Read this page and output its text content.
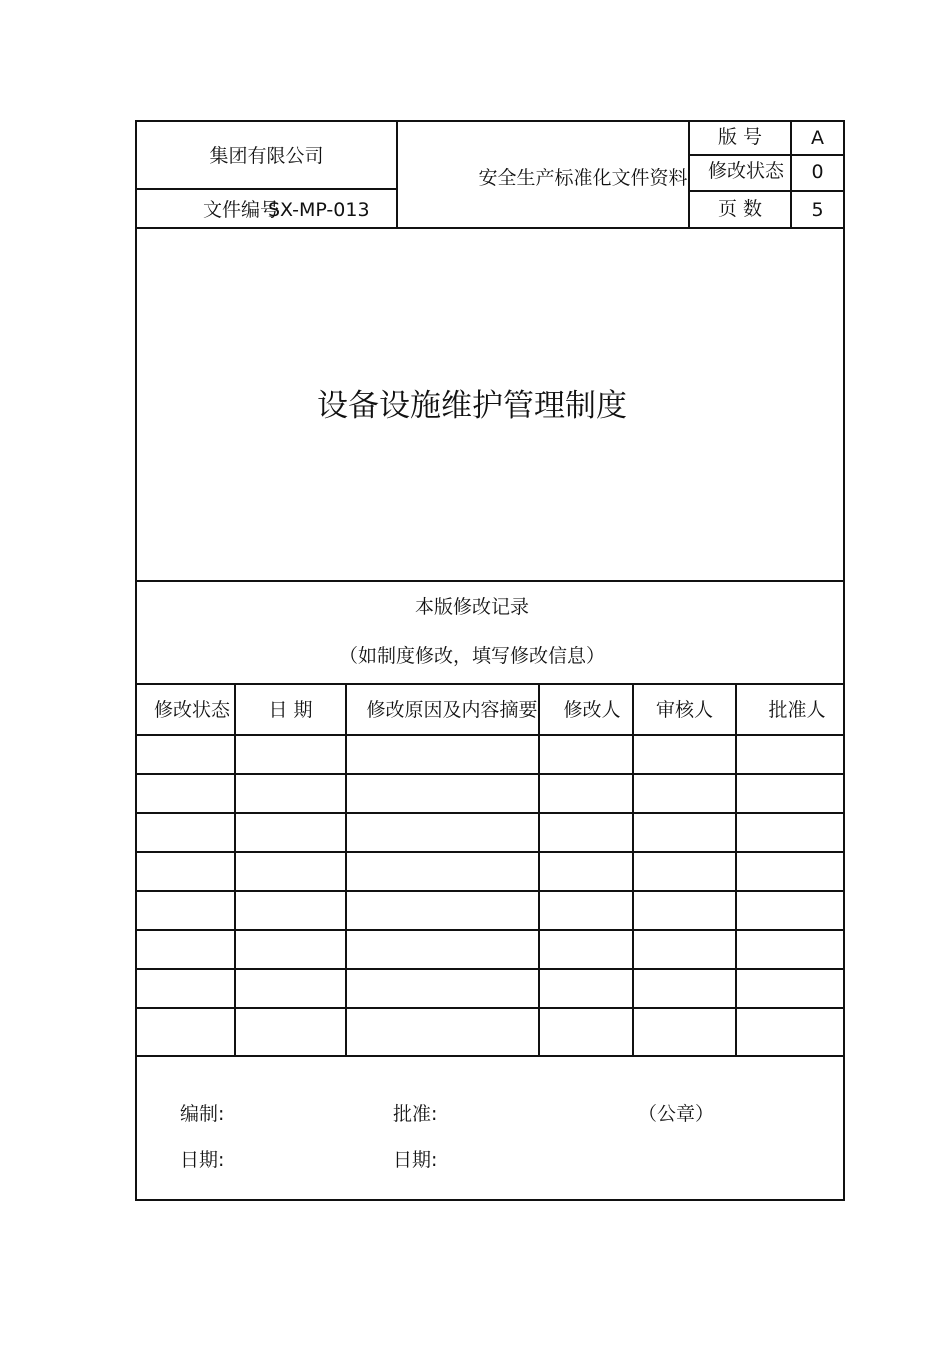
集团有限公司
文件编号
SX-MP-013
安全生产标准化文件资料
版 号	A
修改状态	0
页 数	5
设备设施维护管理制度
本版修改记录
（如制度修改，填写修改信息）
修改状态	日 期	修改原因及内容摘要	修改人	审核人	批准人
编制:	批准:	（公章）
日期:	日期:
